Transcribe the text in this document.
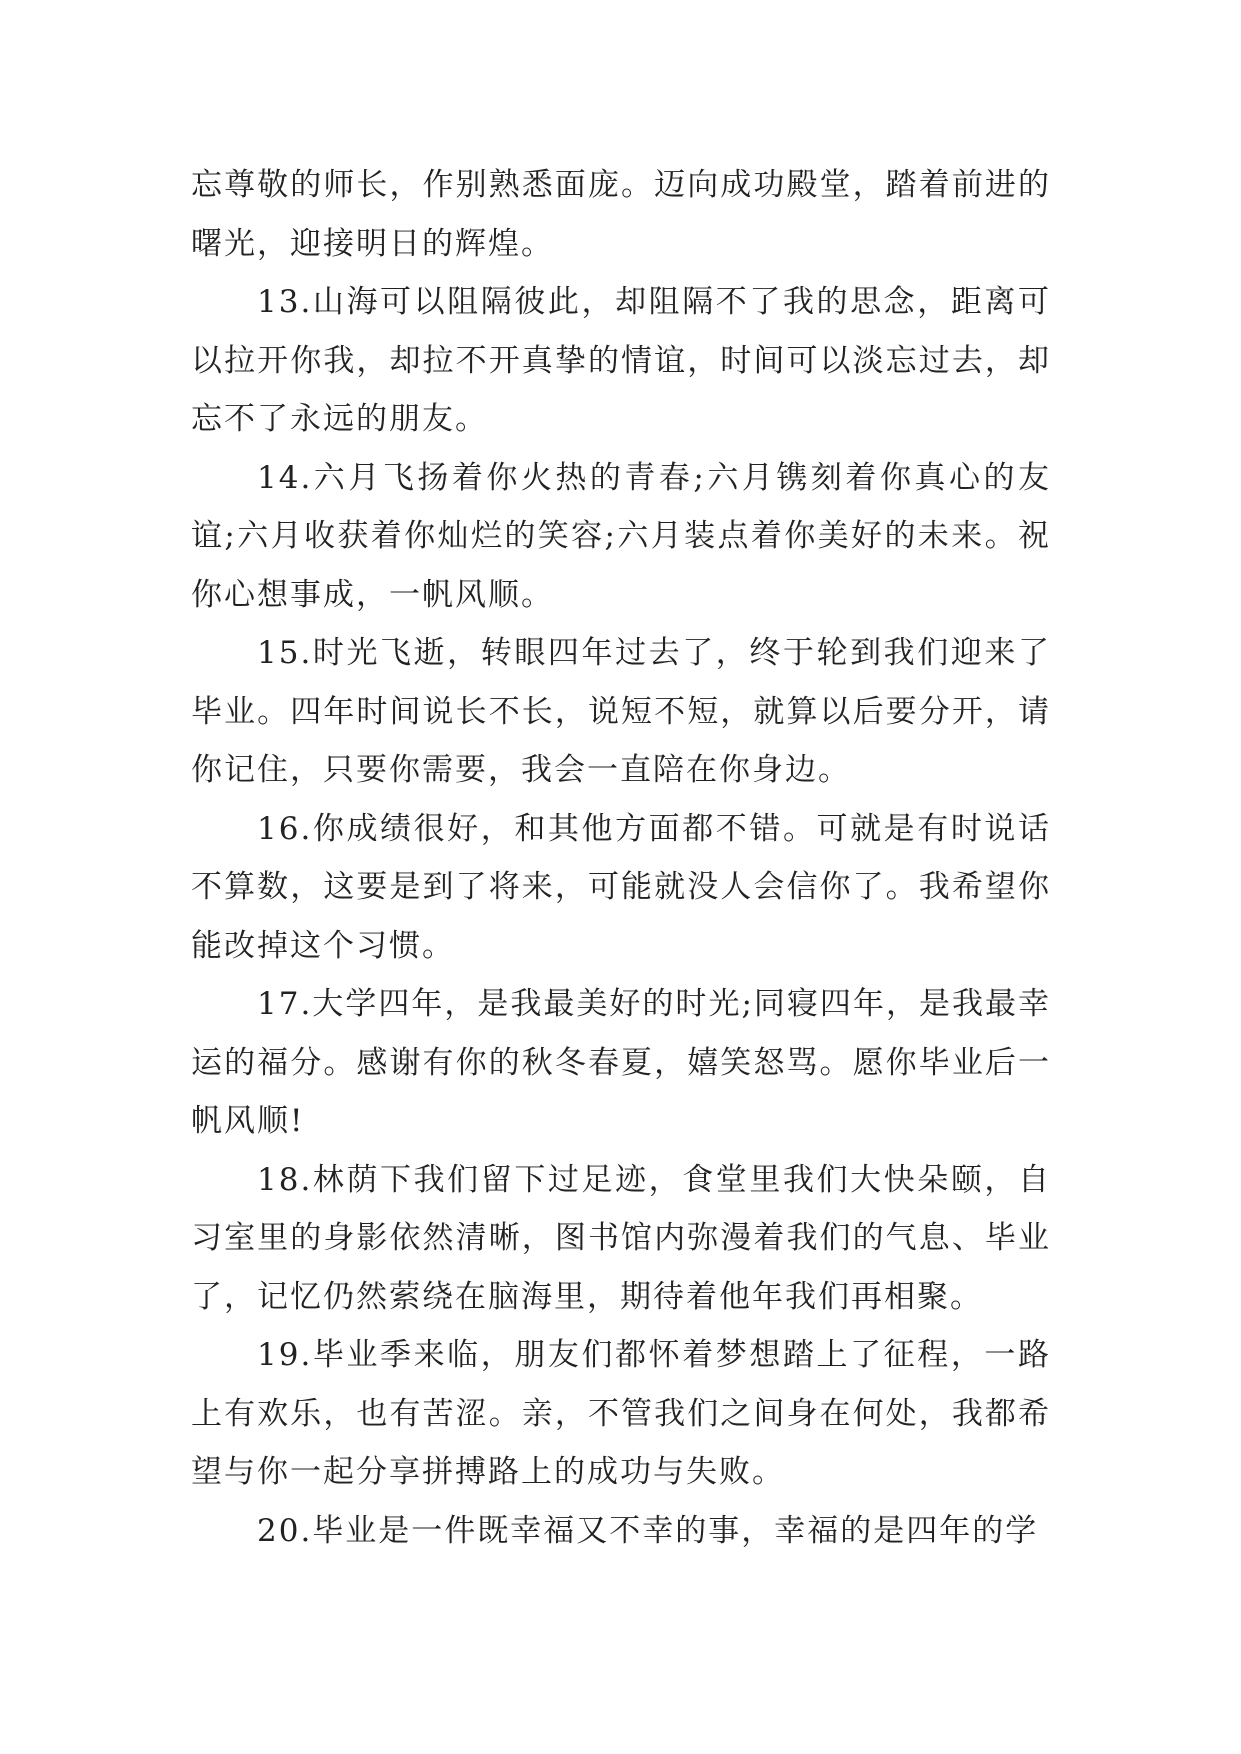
忘尊敬的师长，作别熟悉面庞。迈向成功殿堂，踏着前进的曙光，迎接明日的辉煌。

13.山海可以阻隔彼此，却阻隔不了我的思念，距离可以拉开你我，却拉不开真挚的情谊，时间可以淡忘过去，却忘不了永远的朋友。

14.六月飞扬着你火热的青春;六月镌刻着你真心的友谊;六月收获着你灿烂的笑容;六月装点着你美好的未来。祝你心想事成，一帆风顺。

15.时光飞逝，转眼四年过去了，终于轮到我们迎来了毕业。四年时间说长不长，说短不短，就算以后要分开，请你记住，只要你需要，我会一直陪在你身边。

16.你成绩很好，和其他方面都不错。可就是有时说话不算数，这要是到了将来，可能就没人会信你了。我希望你能改掉这个习惯。

17.大学四年，是我最美好的时光;同寝四年，是我最幸运的福分。感谢有你的秋冬春夏，嬉笑怒骂。愿你毕业后一帆风顺!

18.林荫下我们留下过足迹，食堂里我们大快朵颐，自习室里的身影依然清晰，图书馆内弥漫着我们的气息、毕业了，记忆仍然萦绕在脑海里，期待着他年我们再相聚。

19.毕业季来临，朋友们都怀着梦想踏上了征程，一路上有欢乐，也有苦涩。亲，不管我们之间身在何处，我都希望与你一起分享拼搏路上的成功与失败。

20.毕业是一件既幸福又不幸的事，幸福的是四年的学
